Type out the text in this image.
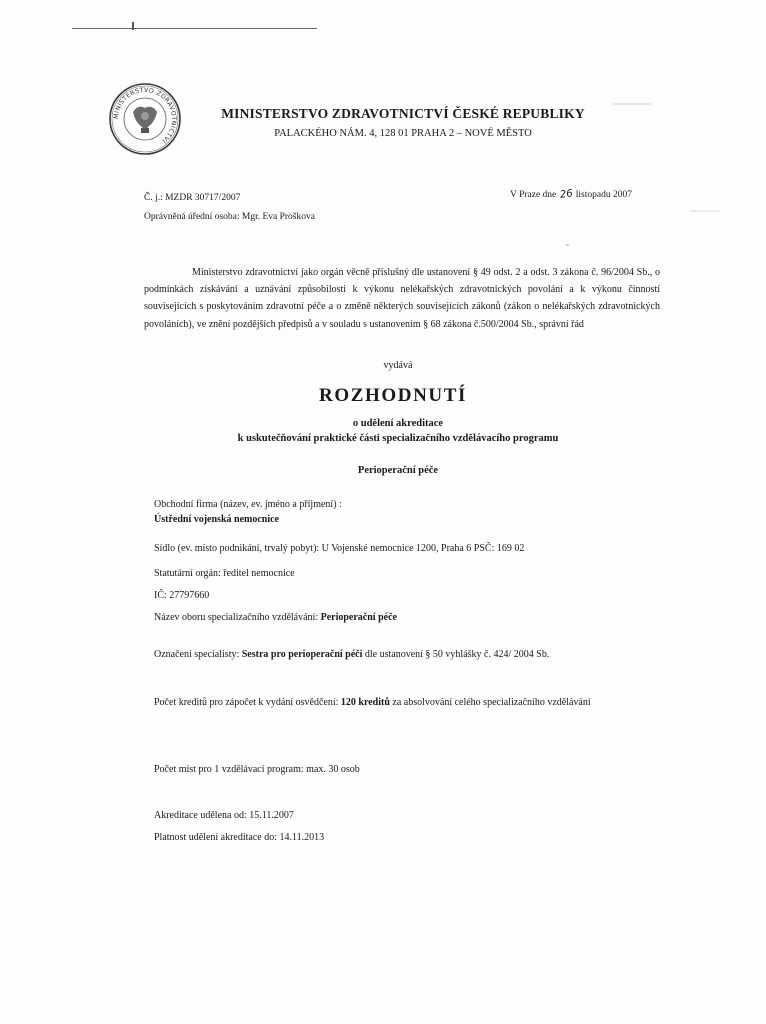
MINISTERSTVO ZDRAVOTNICTVÍ
MINISTERSTVO ZDRAVOTNICTVÍ ČESKÉ REPUBLIKY
PALACKÉHO NÁM. 4, 128 01 PRAHA 2 – NOVÉ MĚSTO
Č. j.: MZDR 30717/2007	V Praze dne 26 listopadu 2007
Oprávněná úřední osoba: Mgr. Eva Proškova
Ministerstvo zdravotnictví jako orgán věcně příslušný dle ustanovení § 49 odst. 2 a odst. 3 zákona č. 96/2004 Sb., o podmínkách získávání a uznávání způsobilosti k výkonu nelékařských zdravotnických povolání a k výkonu činností souvisejících s poskytováním zdravotní péče a o změně některých souvisejících zákonů (zákon o nelékařských zdravotnických povoláních), ve znění pozdějších předpisů a v souladu s ustanovením § 68 zákona č.500/2004 Sb., správní řád
vydává
ROZHODNUTÍ
o udělení akreditace
k uskutečňování praktické části specializačního vzdělávacího programu
Perioperační péče
Obchodní firma (název, ev. jméno a příjmení) :
Ústřední vojenská nemocnice
Sídlo (ev. místo podnikání, trvalý pobyt): U Vojenské nemocnice 1200, Praha 6 PSČ: 169 02
Statutární orgán: ředitel nemocnice
IČ: 27797660
Název oboru specializačního vzdělávání: Perioperační péče
Označení specialisty: Sestra pro perioperační péči dle ustanovení § 50 vyhlášky č. 424/ 2004 Sb.
Počet kreditů pro zápočet k vydání osvědčení: 120 kreditů za absolvování celého specializačního vzdělávání
Počet míst pro 1 vzdělávací program: max. 30 osob
Akreditace udělena od: 15.11.2007
Platnost udělení akreditace do: 14.11.2013
